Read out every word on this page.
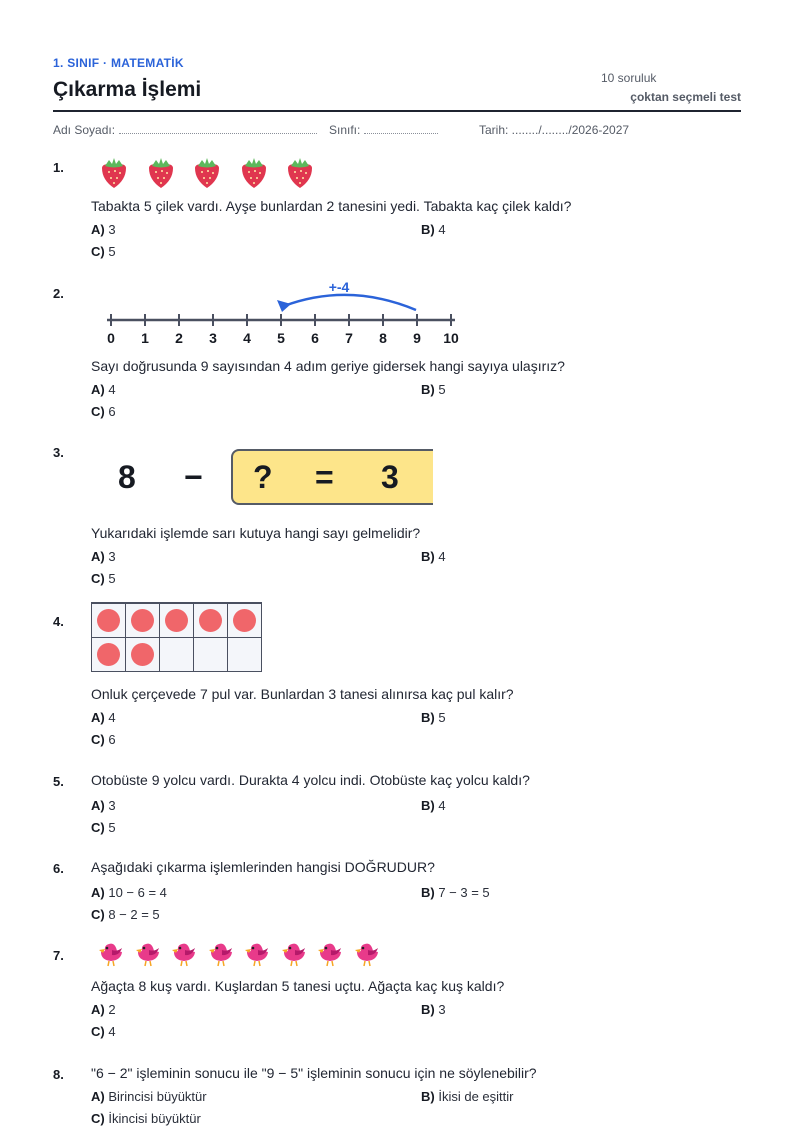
1. SINIF · MATEMATİK
Çıkarma İşlemi	10 soruluk
çoktan seçmeli test
Adı Soyadı:	Sınıfı:	Tarih: ......../......../2026-2027
1.
Tabakta 5 çilek vardı. Ayşe bunlardan 2 tanesini yedi. Tabakta kaç çilek kaldı?
A) 3	B) 4
C) 5
2.
0 1 2 3 4 5 6 7 8 9 10
+-4
Sayı doğrusunda 9 sayısından 4 adım geriye gidersek hangi sayıya ulaşırız?
A) 4	B) 5
C) 6
3.
8 − ? = 3
Yukarıdaki işlemde sarı kutuya hangi sayı gelmelidir?
A) 3	B) 4
C) 5
4.

Onluk çerçevede 7 pul var. Bunlardan 3 tanesi alınırsa kaç pul kalır?
A) 4	B) 5
C) 6
5. Otobüste 9 yolcu vardı. Durakta 4 yolcu indi. Otobüste kaç yolcu kaldı?
A) 3	B) 4
C) 5
6. Aşağıdaki çıkarma işlemlerinden hangisi DOĞRUDUR?
A) 10 − 6 = 4	B) 7 − 3 = 5
C) 8 − 2 = 5
7.
Ağaçta 8 kuş vardı. Kuşlardan 5 tanesi uçtu. Ağaçta kaç kuş kaldı?
A) 2	B) 3
C) 4
8. "6 − 2" işleminin sonucu ile "9 − 5" işleminin sonucu için ne söylenebilir?
A) Birincisi büyüktür	B) İkisi de eşittir
C) İkincisi büyüktür
